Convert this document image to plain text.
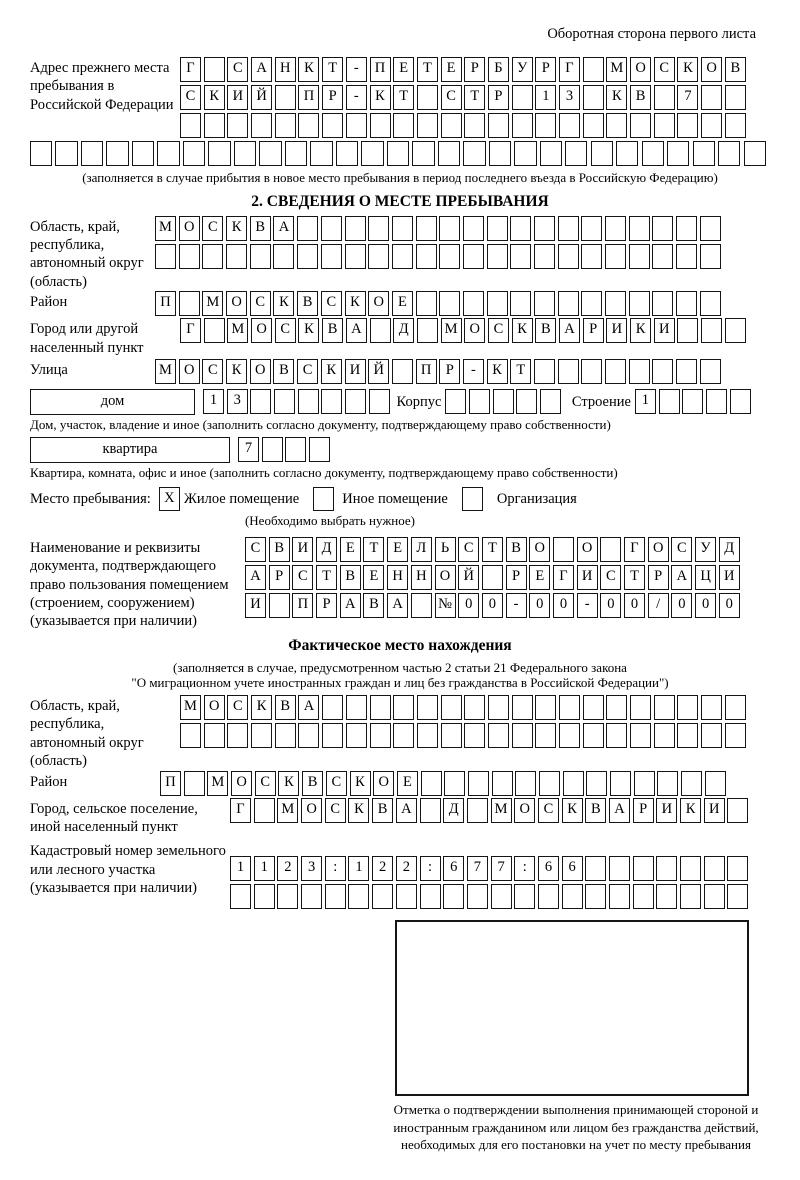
Оборотная сторона первого листа
Адрес прежнего места пребывания в Российской Федерации
Г	С А Н К Т - П Е Т Е Р Б У Р Г	М О С К О В
С К И Й	П Р - К Т	С Т Р	1 3	К В	7
(заполняется в случае прибытия в новое место пребывания в период последнего въезда в Российскую Федерацию)
2. СВЕДЕНИЯ О МЕСТЕ ПРЕБЫВАНИЯ
Область, край, республика, автономный округ (область)
М О С К В А
Район	П М О С К В С К О Е
Город или другой населенный пункт
Г	М О С К В А	Д М О С К В А Р И К И
Улица	М О С К О В С К И Й	П Р - К Т
дом	1 3	Корпус	Строение 1
Дом, участок, владение и иное (заполнить согласно документу, подтверждающему право собственности)
квартира	7
Квартира, комната, офис и иное (заполнить согласно документу, подтверждающему право собственности)
Место пребывания: X Жилое помещение	Иное помещение	Организация
(Необходимо выбрать нужное)
Наименование и реквизиты документа, подтверждающего право пользования помещением (строением, сооружением) (указывается при наличии)
С В И Д Е Т Е Л Ь С Т В О	О	Г О С У Д
А Р С Т В Е Н Н О Й	Р Е Г И С Т Р А Ц И
И	П Р А В А № 0 0 - 0 0 - 0 0 / 0 0 0
Фактическое место нахождения
(заполняется в случае, предусмотренном частью 2 статьи 21 Федерального закона
"О миграционном учете иностранных граждан и лиц без гражданства в Российской Федерации")
Область, край, республика, автономный округ (область)
М О С К В А
Район	П М О С К В С К О Е
Город, сельское поселение, иной населенный пункт
Г	М О С К В А	Д М О С К В А Р И К И
Кадастровый номер земельного или лесного участка (указывается при наличии)
1 1 2 3 : 1 2 2 : 6 7 7 : 6 6
Отметка о подтверждении выполнения принимающей стороной и иностранным гражданином или лицом без гражданства действий, необходимых для его постановки на учет по месту пребывания
